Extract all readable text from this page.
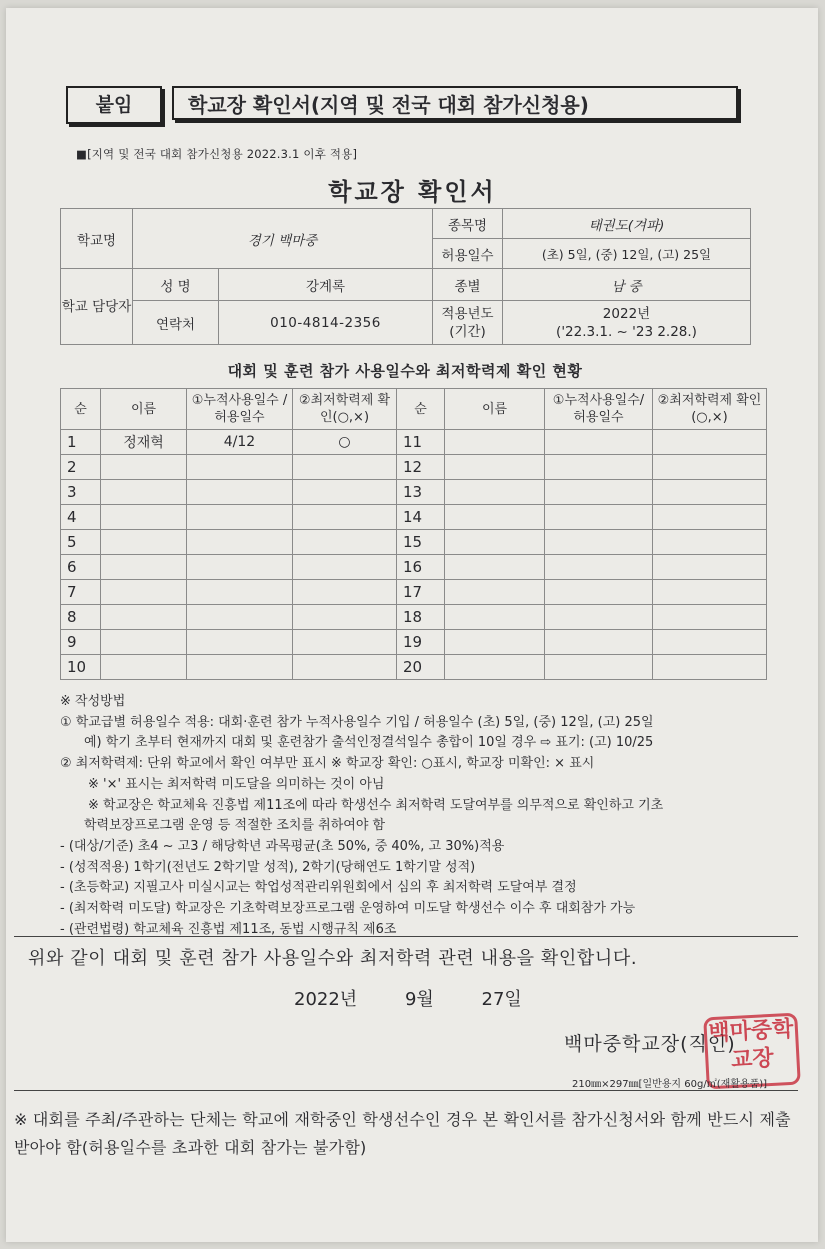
붙임	학교장 확인서(지역 및 전국 대회 참가신청용)
■[지역 및 전국 대회 참가신청용 2022.3.1 이후 적용]
학교장 확인서
학교명	경기 백마중		종목명	태권도(겨파)
			허용일수	(초) 5일, (중) 12일, (고) 25일
학교 담당자	성 명	강계록	종별	남 중
	연락처	010-4814-2356	적용년도 (기간)	2022년
('22.3.1. ~ '23 2.28.)
대회 및 훈련 참가 사용일수와 최저학력제 확인 현황
순	이름	①누적사용일수 /허용일수	②최저학력제 확인(○,×)	순	이름	①누적사용일수/ 허용일수	②최저학력제 확인(○,×)
1	정재혁	4/12	○	11			
2				12			
3				13			
4				14			
5				15			
6				16			
7				17			
8				18			
9				19			
10				20			
※ 작성방법
① 학교급별 허용일수 적용: 대회·훈련 참가 누적사용일수 기입 / 허용일수 (초) 5일, (중) 12일, (고) 25일
예) 학기 초부터 현재까지 대회 및 훈련참가 출석인정결석일수 총합이 10일 경우 ⇨ 표기: (고) 10/25
② 최저학력제: 단위 학교에서 확인 여부만 표시 ※ 학교장 확인: ○표시, 학교장 미확인: × 표시
※ '×' 표시는 최저학력 미도달을 의미하는 것이 아님
※ 학교장은 학교체육 진흥법 제11조에 따라 학생선수 최저학력 도달여부를 의무적으로 확인하고 기초
학력보장프로그램 운영 등 적절한 조치를 취하여야 함
- (대상/기준) 초4 ~ 고3 / 해당학년 과목평균(초 50%, 중 40%, 고 30%)적용
- (성적적용) 1학기(전년도 2학기말 성적), 2학기(당해연도 1학기말 성적)
- (초등학교) 지필고사 미실시교는 학업성적관리위원회에서 심의 후 최저학력 도달여부 결정
- (최저학력 미도달) 학교장은 기초학력보장프로그램 운영하여 미도달 학생선수 이수 후 대회참가 가능
- (관련법령) 학교체육 진흥법 제11조, 동법 시행규칙 제6조
위와 같이 대회 및 훈련 참가 사용일수와 최저학력 관련 내용을 확인합니다.
2022년	9월	27일
백마중학교장(직인)
백마중학교장
210㎜×297㎜[일반용지 60g/㎡(재활용품)]
※ 대회를 주최/주관하는 단체는 학교에 재학중인 학생선수인 경우 본 확인서를 참가신청서와 함께 반드시 제출받아야 함(허용일수를 초과한 대회 참가는 불가함)
